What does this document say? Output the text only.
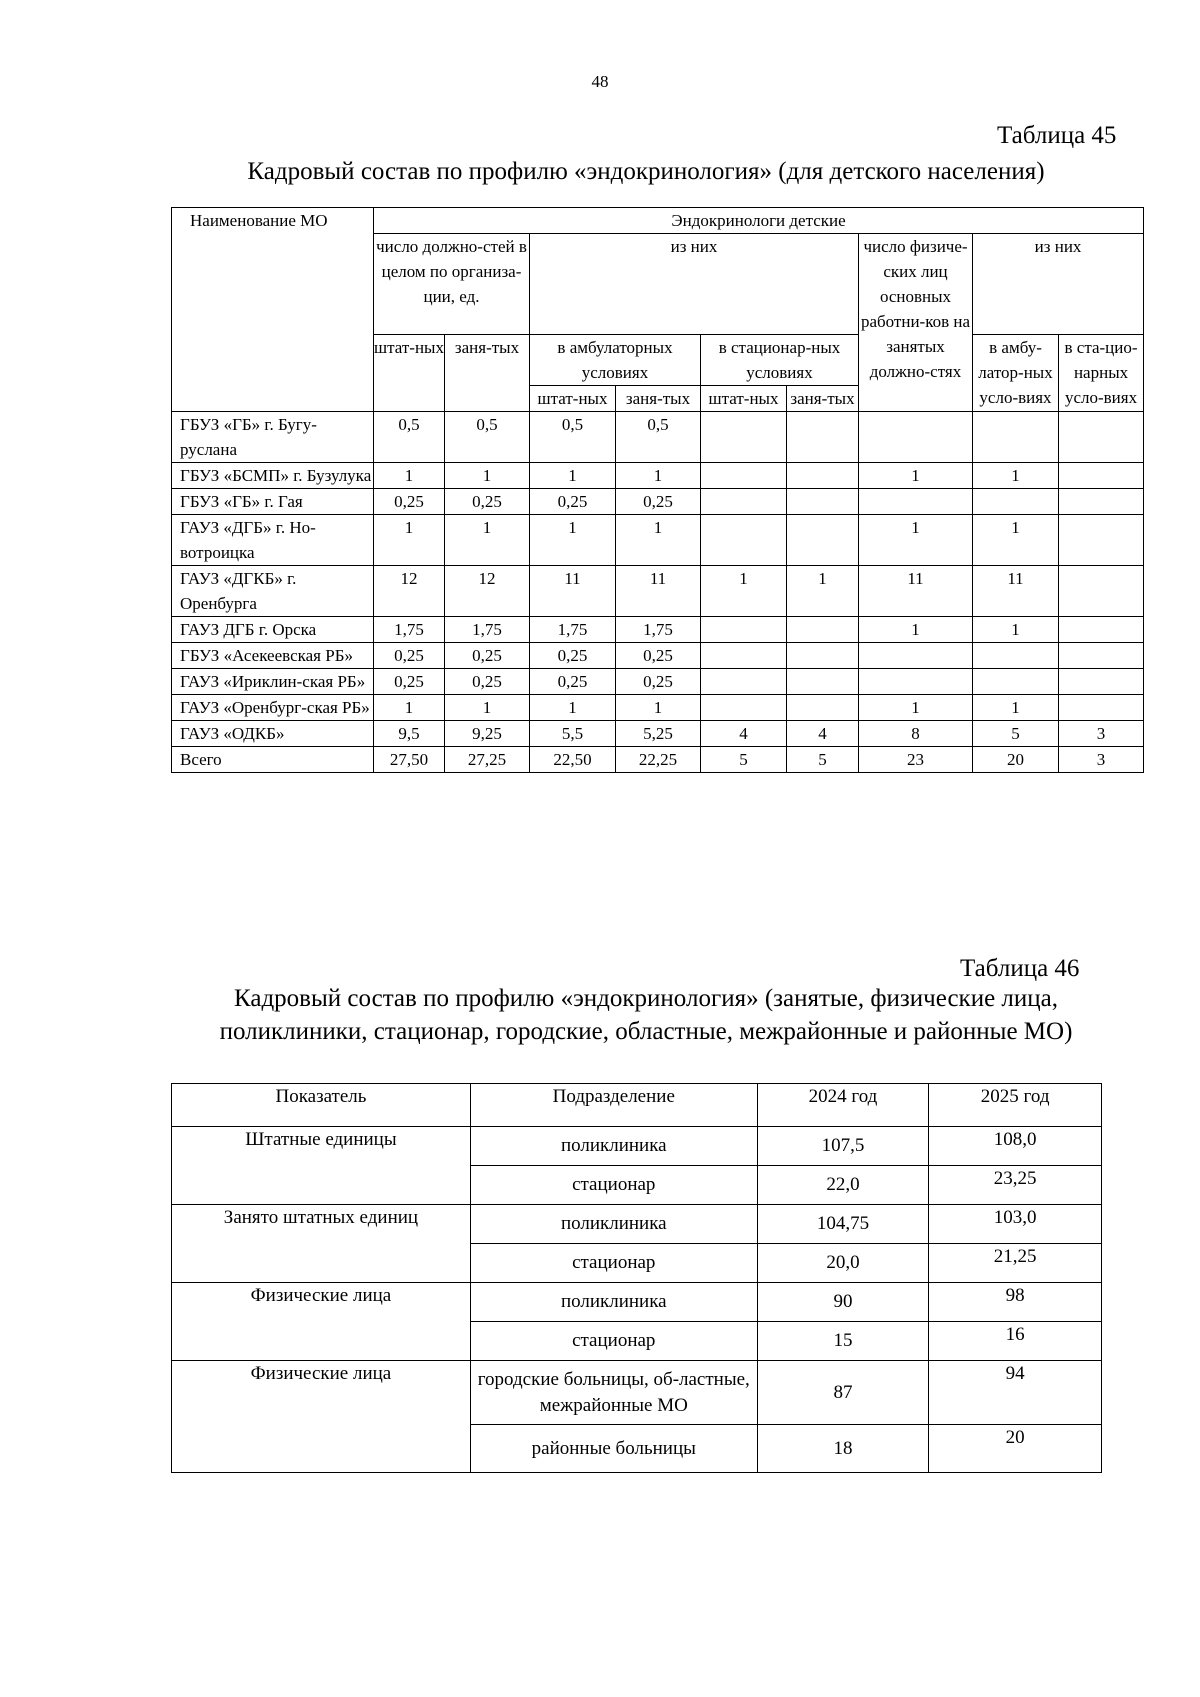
48
Таблица 45
Кадровый состав по профилю «эндокринология» (для детского населения)
Наименование МО	Эндокринологи детские								
	число должно-стей в целом по организа-ции, ед.		из них				число физиче-ских лиц основных работни-ков на занятых должно-стях	из них	
	штат-ных	заня-тых	в амбулаторных условиях		в стационар-ных условиях			в амбу-латор-ных усло-виях	в ста-цио-нарных усло-виях
			штат-ных	заня-тых	штат-ных	заня-тых			
ГБУЗ «ГБ» г. Бугу-руслана	0,5	0,5	0,5	0,5					
ГБУЗ «БСМП» г. Бузулука	1	1	1	1			1	1	
ГБУЗ «ГБ» г. Гая	0,25	0,25	0,25	0,25					
ГАУЗ «ДГБ» г. Но-вотроицка	1	1	1	1			1	1	
ГАУЗ «ДГКБ» г. Оренбурга	12	12	11	11	1	1	11	11	
ГАУЗ ДГБ г. Орска	1,75	1,75	1,75	1,75			1	1	
ГБУЗ «Асекеевская РБ»	0,25	0,25	0,25	0,25					
ГАУЗ «Ириклин-ская РБ»	0,25	0,25	0,25	0,25					
ГАУЗ «Оренбург-ская РБ»	1	1	1	1			1	1	
ГАУЗ «ОДКБ»	9,5	9,25	5,5	5,25	4	4	8	5	3
Всего	27,50	27,25	22,50	22,25	5	5	23	20	3
Таблица 46
Кадровый состав по профилю «эндокринология» (занятые, физические лица,
поликлиники, стационар, городские, областные, межрайонные и районные МО)
Показатель	Подразделение	2024 год	2025 год
Штатные единицы	поликлиника	107,5	108,0
	стационар	22,0	23,25
Занято штатных единиц	поликлиника	104,75	103,0
	стационар	20,0	21,25
Физические лица	поликлиника	90	98
	стационар	15	16
Физические лица	городские больницы, об-ластные, межрайонные МО	87	94
	районные больницы	18	20
